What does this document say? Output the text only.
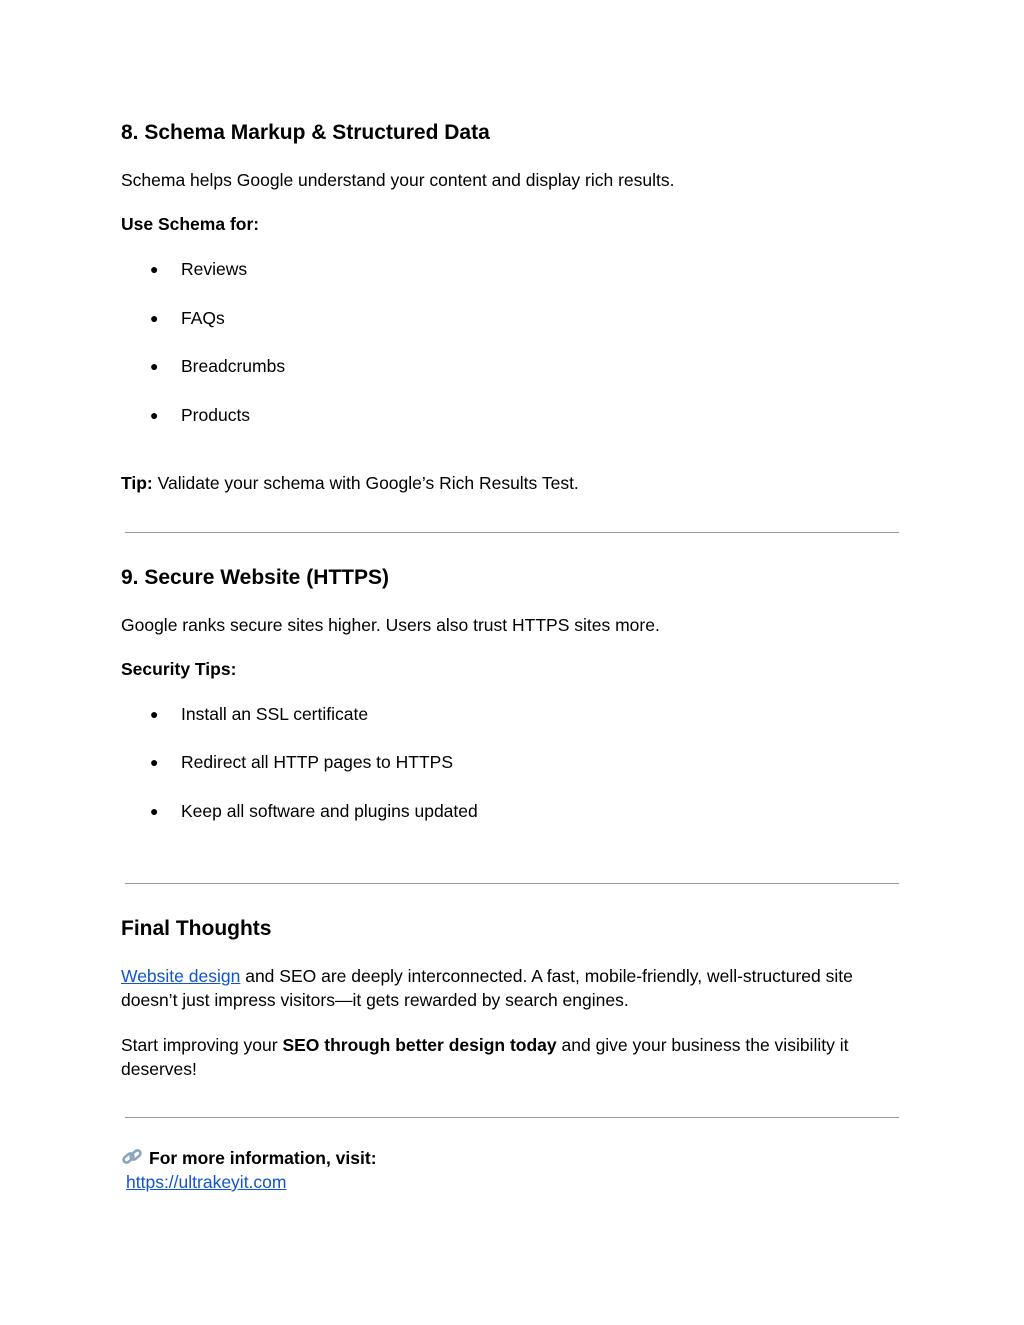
8. Schema Markup & Structured Data
Schema helps Google understand your content and display rich results.
Use Schema for:
● Reviews
● FAQs
● Breadcrumbs
● Products
Tip: Validate your schema with Google’s Rich Results Test.
9. Secure Website (HTTPS)
Google ranks secure sites higher. Users also trust HTTPS sites more.
Security Tips:
● Install an SSL certificate
● Redirect all HTTP pages to HTTPS
● Keep all software and plugins updated
Final Thoughts
Website design and SEO are deeply interconnected. A fast, mobile-friendly, well-structured site
doesn’t just impress visitors—it gets rewarded by search engines.
Start improving your SEO through better design today and give your business the visibility it
deserves!
For more information, visit:
https://ultrakeyit.com
